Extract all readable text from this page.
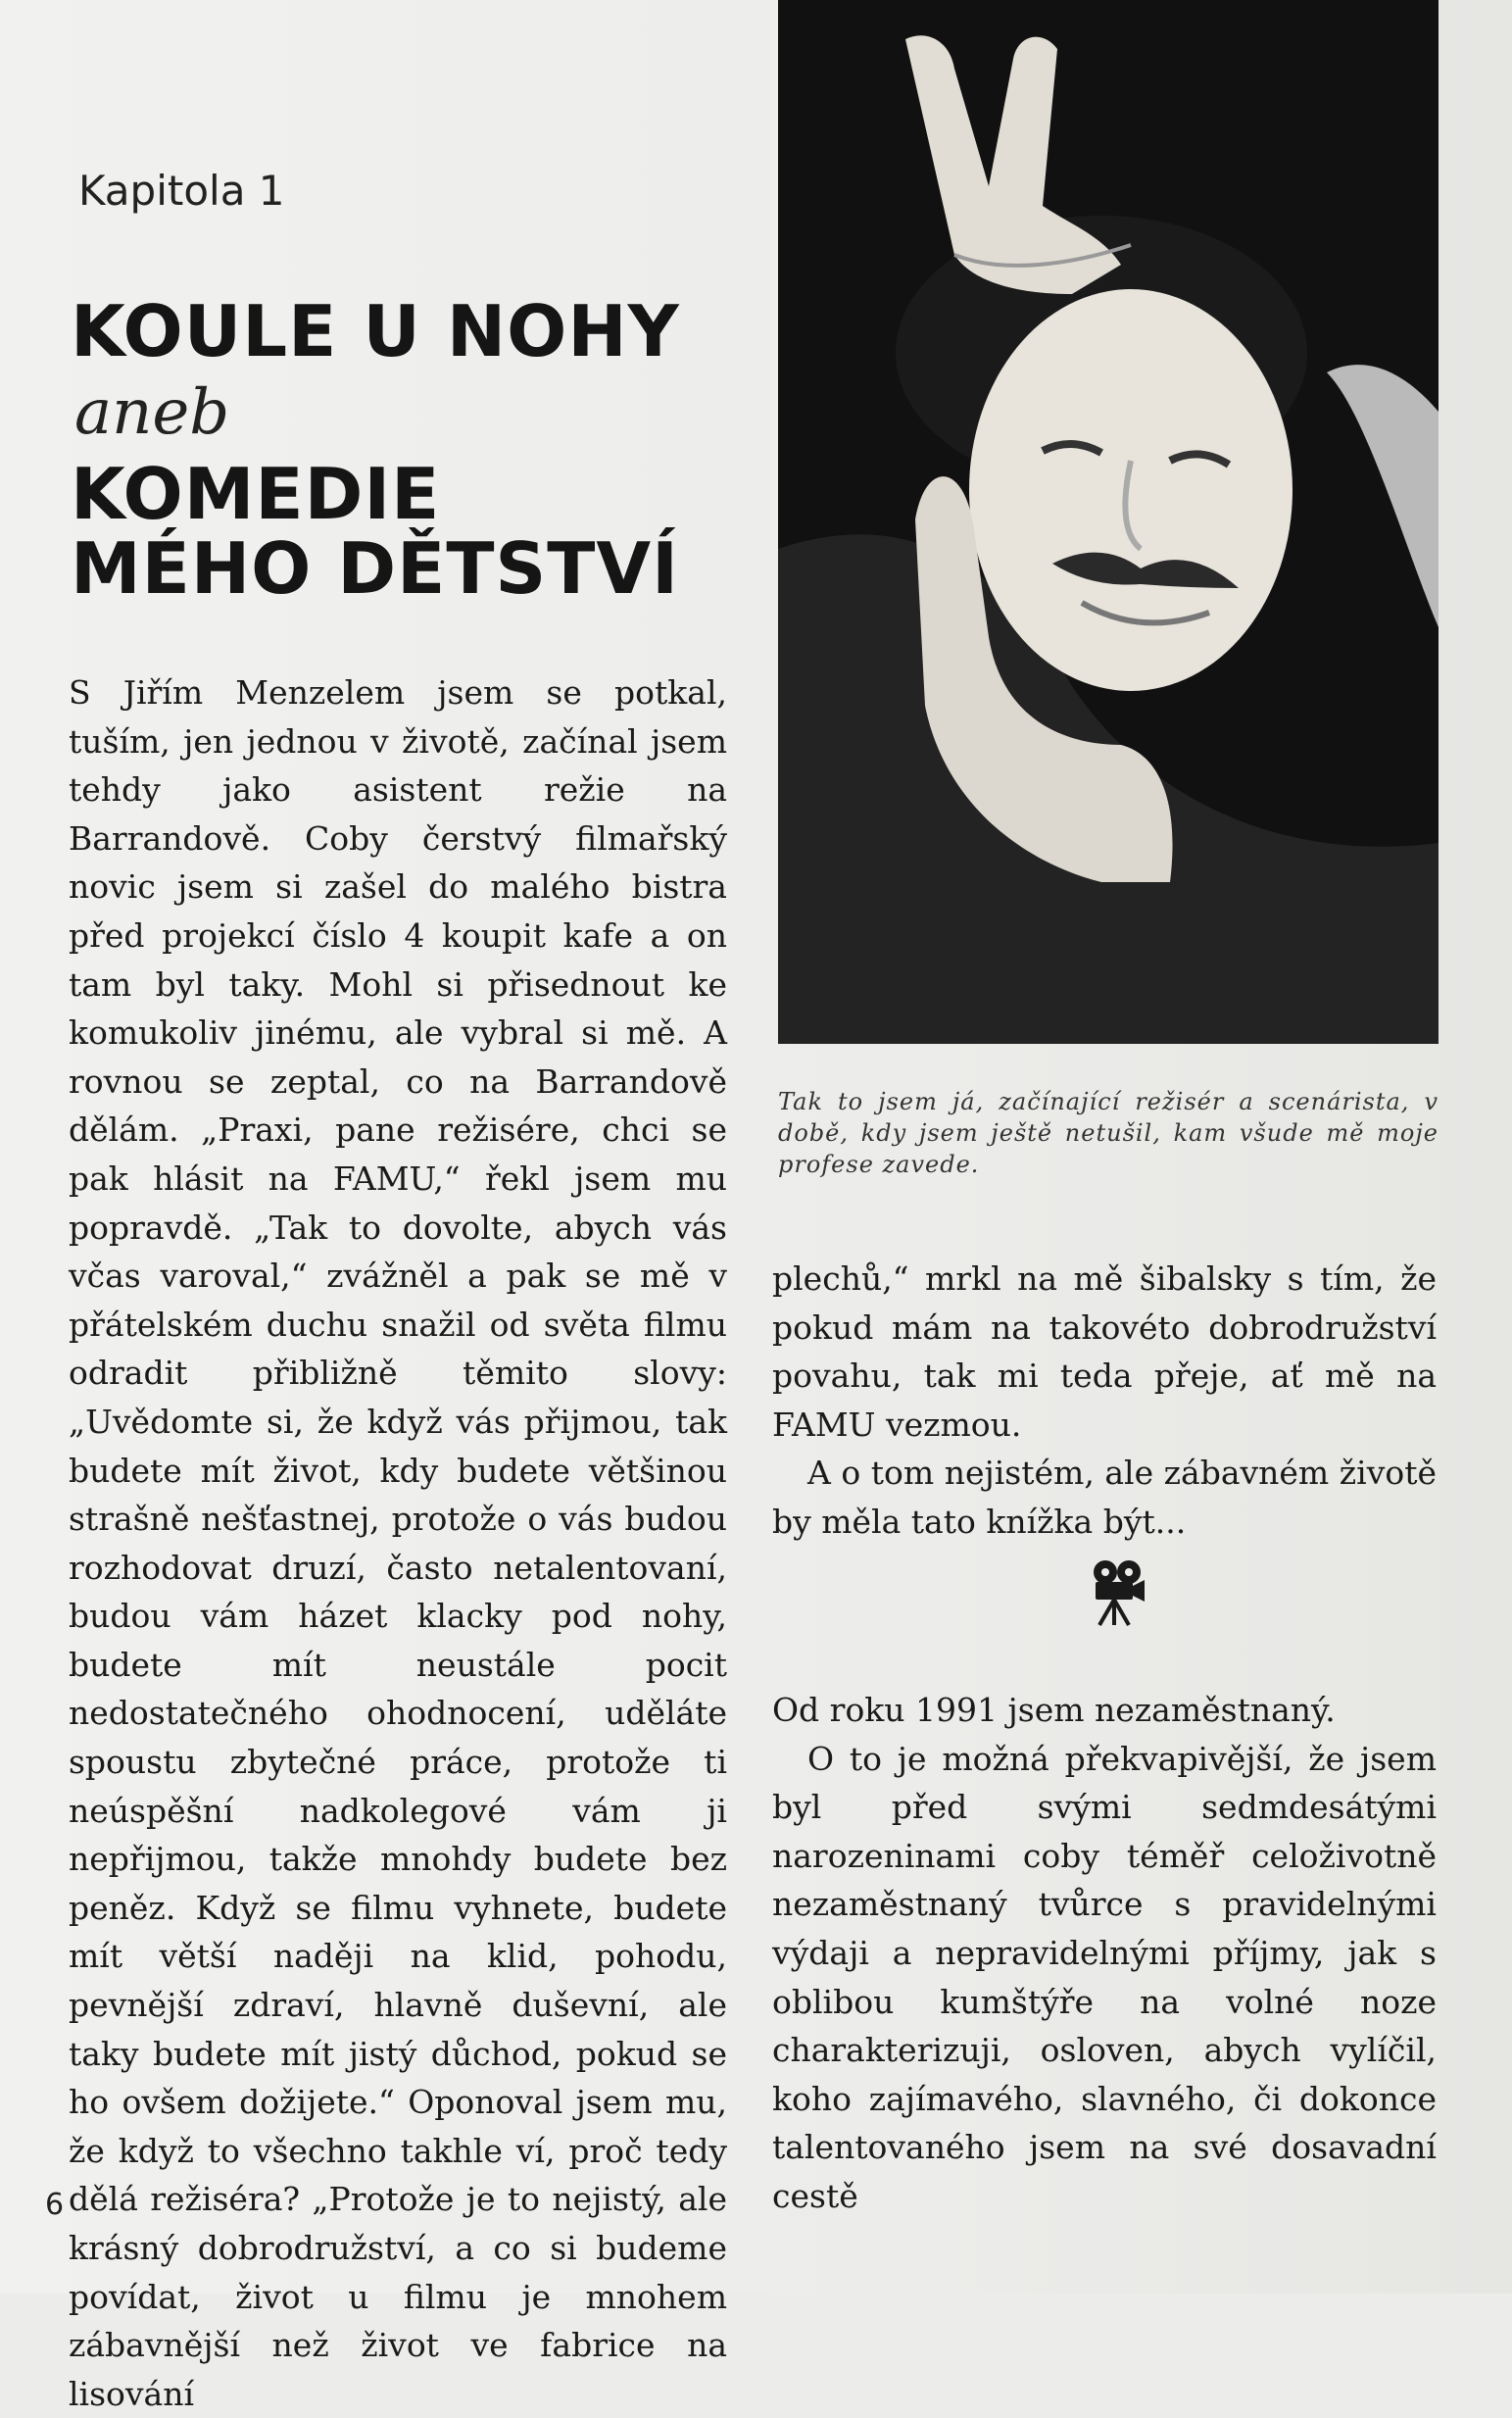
Kapitola 1

KOULE U NOHY
aneb
KOMEDIE
MÉHO DĚTSTVÍ

S Jiřím Menzelem jsem se potkal, tuším, jen jednou v životě, začínal jsem tehdy jako asistent režie na Barrandově. Coby čerstvý filmařský novic jsem si zašel do malého bistra před projekcí číslo 4 koupit kafe a on tam byl taky. Mohl si přisednout ke komukoliv jinému, ale vybral si mě. A rovnou se zeptal, co na Barrandově dělám. „Praxi, pane režisére, chci se pak hlásit na FAMU,“ řekl jsem mu popravdě. „Tak to dovolte, abych vás včas varoval,“ zvážněl a pak se mě v přátelském duchu snažil od světa filmu odradit přibližně těmito slovy: „Uvědomte si, že když vás přijmou, tak budete mít život, kdy budete většinou strašně nešťastnej, protože o vás budou rozhodovat druzí, často netalentovaní, budou vám házet klacky pod nohy, budete mít neustále pocit nedostatečného ohodnocení, uděláte spoustu zbytečné práce, protože ti neúspěšní nadkolegové vám ji nepřijmou, takže mnohdy budete bez peněz. Když se filmu vyhnete, budete mít větší naději na klid, pohodu, pevnější zdraví, hlavně duševní, ale taky budete mít jistý důchod, pokud se ho ovšem dožijete.“ Oponoval jsem mu, že když to všechno takhle ví, proč tedy dělá režiséra? „Protože je to nejistý, ale krásný dobrodružství, a co si budeme povídat, život u filmu je mnohem zábavnější než život ve fabrice na lisování

Tak to jsem já, začínající režisér a scenárista, v době, kdy jsem ještě netušil, kam všude mě moje profese zavede.

plechů,“ mrkl na mě šibalsky s tím, že pokud mám na takovéto dobrodružství povahu, tak mi teda přeje, ať mě na FAMU vezmou.

A o tom nejistém, ale zábavném životě by měla tato knížka být...

Od roku 1991 jsem nezaměstnaný.

O to je možná překvapivější, že jsem byl před svými sedmdesátými narozeninami coby téměř celoživotně nezaměstnaný tvůrce s pravidelnými výdaji a nepravidelnými příjmy, jak s oblibou kumštýře na volné noze charakterizuji, osloven, abych vylíčil, koho zajímavého, slavného, či dokonce talentovaného jsem na své dosavadní cestě

6
